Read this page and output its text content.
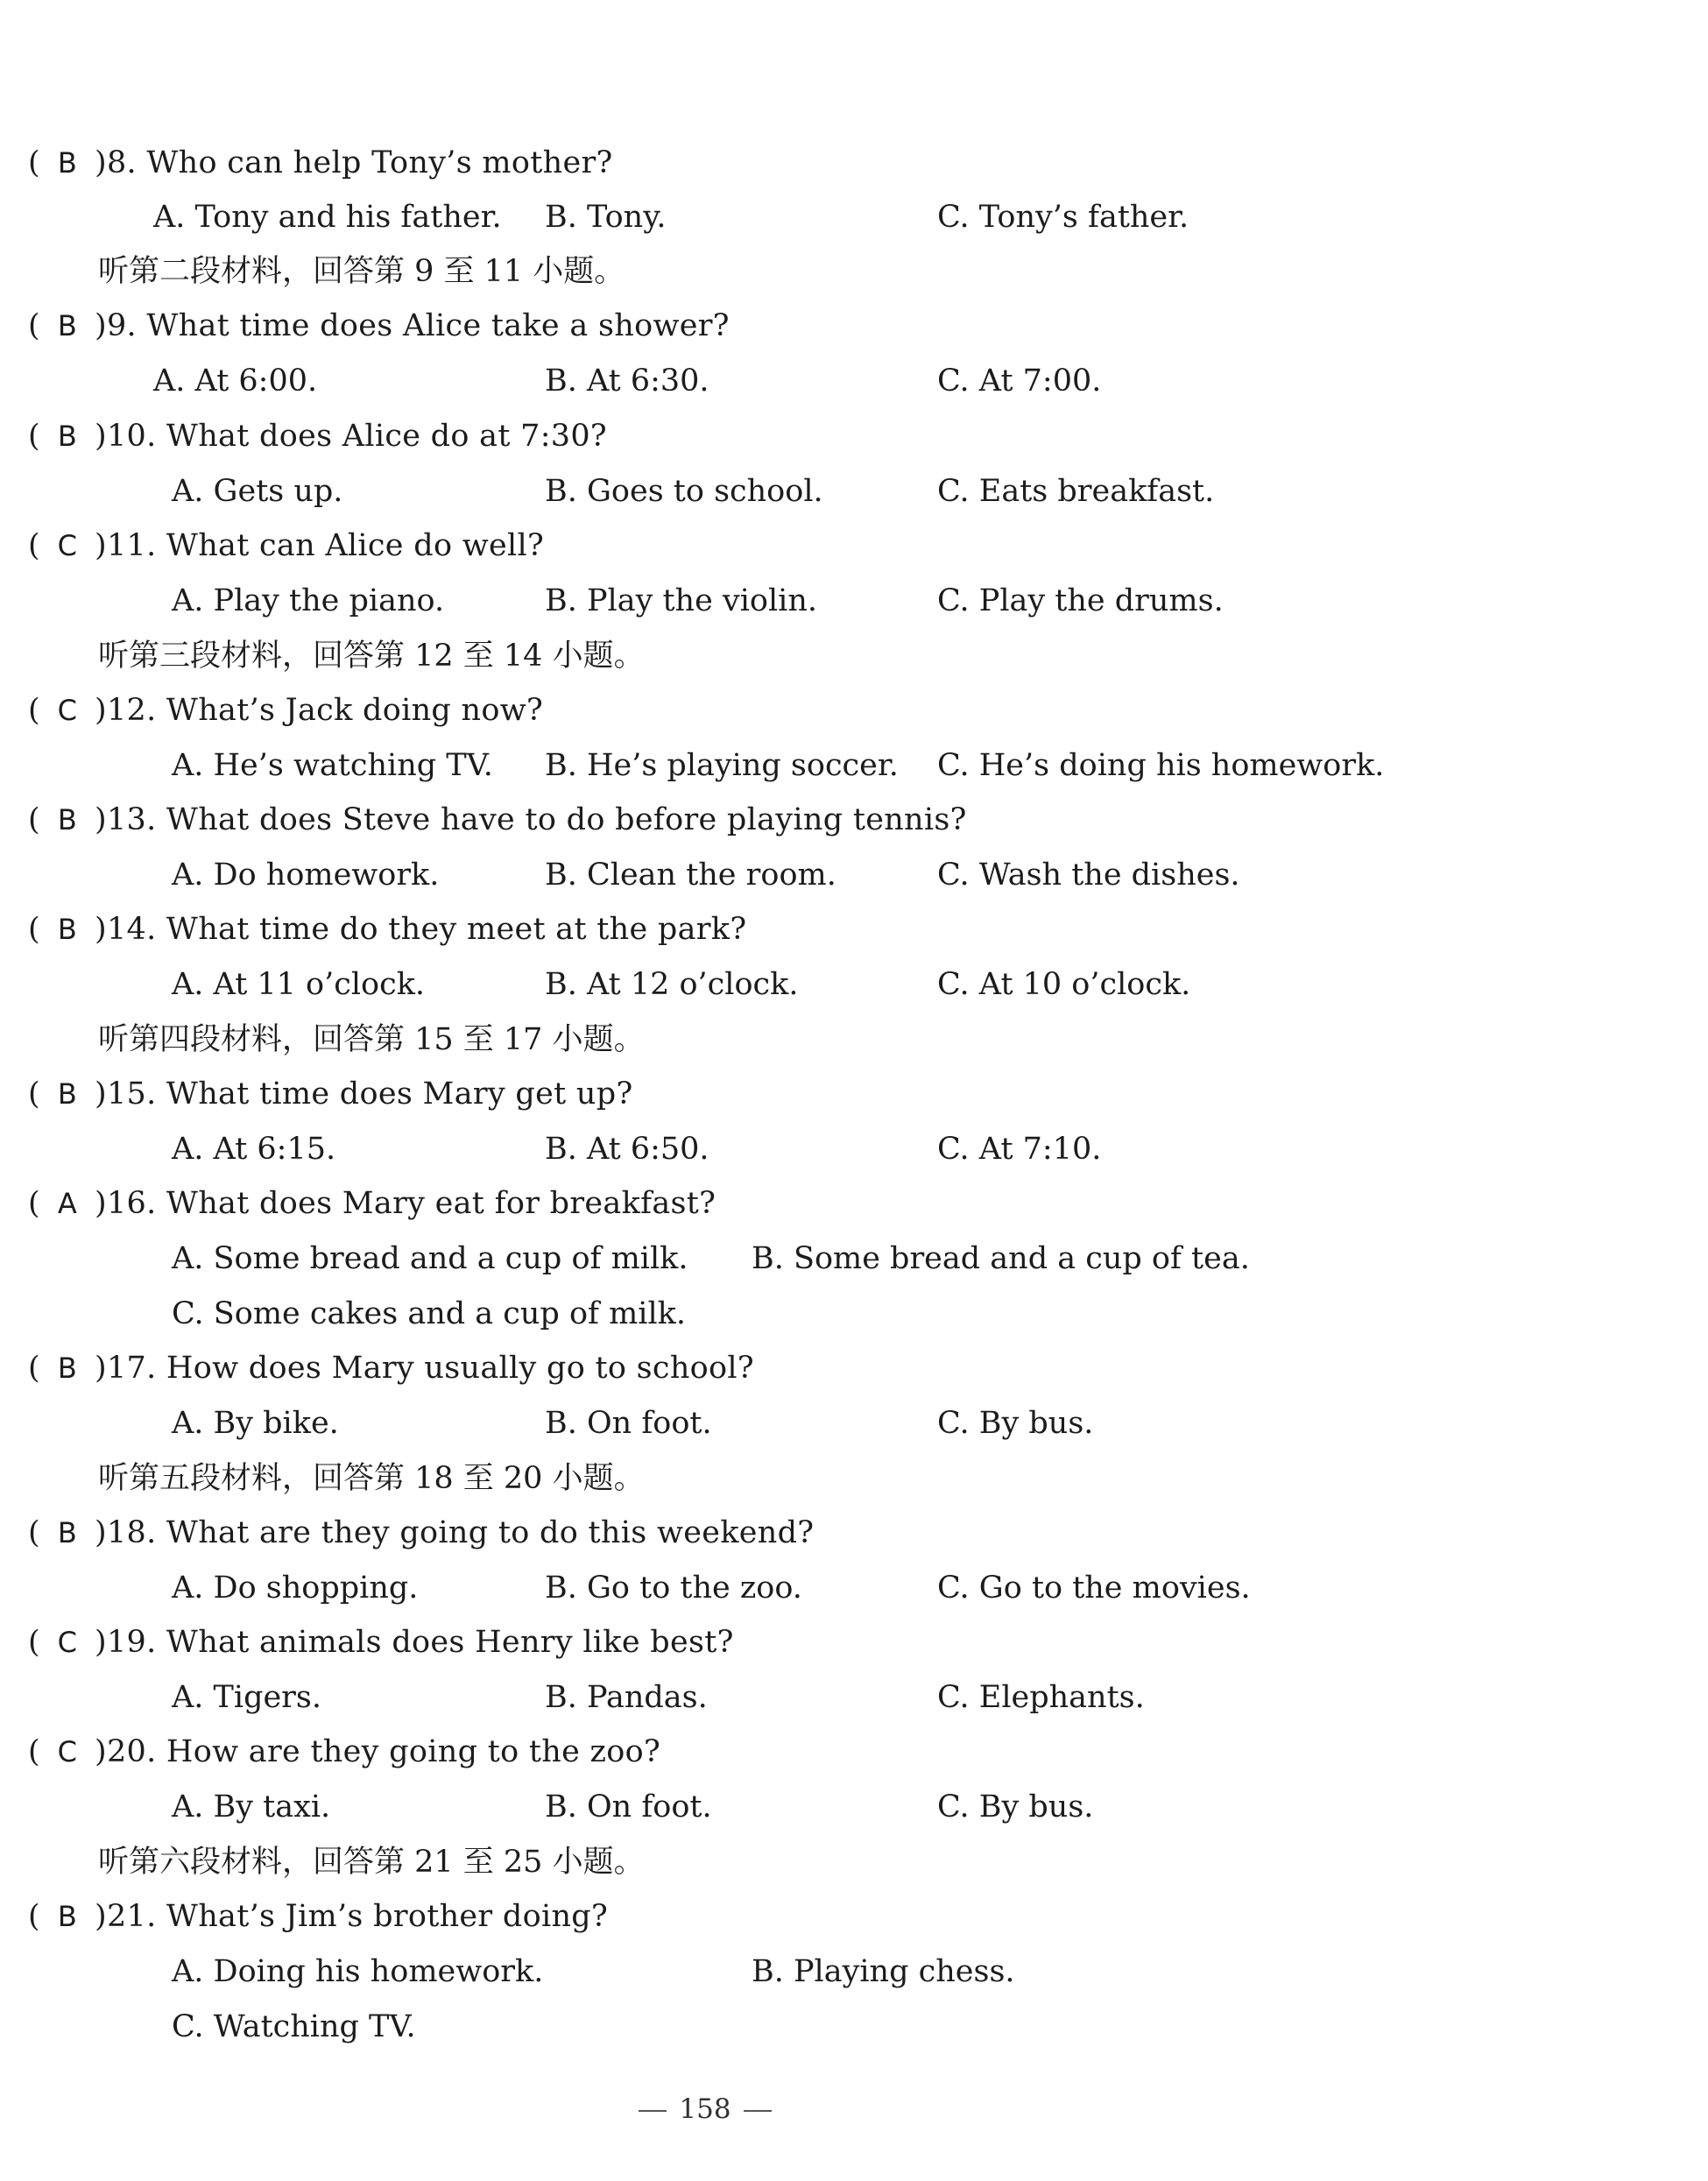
( B )8. Who can help Tony’s mother?
A. Tony and his father. B. Tony.	C. Tony’s father.
听第二段材料，回答第 9 至 11 小题。
( B )9. What time does Alice take a shower?
A. At 6:00.	B. At 6:30.	C. At 7:00.
( B )10. What does Alice do at 7:30?
A. Gets up.	B. Goes to school.	C. Eats breakfast.
( C )11. What can Alice do well?
A. Play the piano.	B. Play the violin.	C. Play the drums.
听第三段材料，回答第 12 至 14 小题。
( C )12. What’s Jack doing now?
A. He’s watching TV. B. He’s playing soccer. C. He’s doing his homework.
( B )13. What does Steve have to do before playing tennis?
A. Do homework.	B. Clean the room.	C. Wash the dishes.
( B )14. What time do they meet at the park?
A. At 11 o’clock.	B. At 12 o’clock.	C. At 10 o’clock.
听第四段材料，回答第 15 至 17 小题。
( B )15. What time does Mary get up?
A. At 6:15.	B. At 6:50.	C. At 7:10.
( A )16. What does Mary eat for breakfast?
A. Some bread and a cup of milk. B. Some bread and a cup of tea.
C. Some cakes and a cup of milk.
( B )17. How does Mary usually go to school?
A. By bike.	B. On foot.	C. By bus.
听第五段材料，回答第 18 至 20 小题。
( B )18. What are they going to do this weekend?
A. Do shopping.	B. Go to the zoo.	C. Go to the movies.
( C )19. What animals does Henry like best?
A. Tigers.	B. Pandas.	C. Elephants.
( C )20. How are they going to the zoo?
A. By taxi.	B. On foot.	C. By bus.
听第六段材料，回答第 21 至 25 小题。
( B )21. What’s Jim’s brother doing?
A. Doing his homework.	B. Playing chess.
C. Watching TV.
158
